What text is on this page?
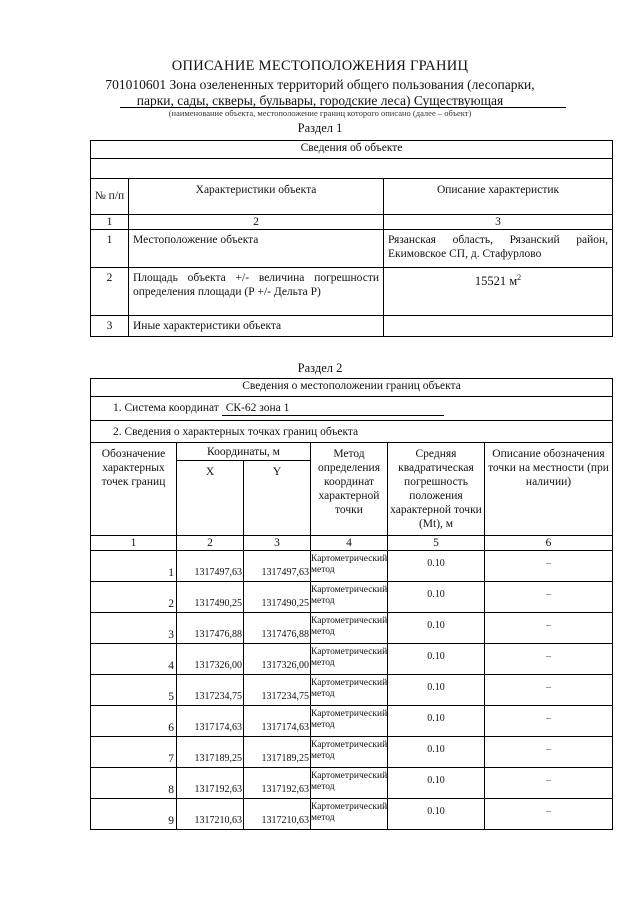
ОПИСАНИЕ МЕСТОПОЛОЖЕНИЯ ГРАНИЦ
701010601 Зона озелененных территорий общего пользования (лесопарки,
парки, сады, скверы, бульвары, городские леса) Существующая
(наименование объекта, местоположение границ которого описано (далее – объект)
Раздел 1
Сведения об объекте		

№ п/п	Характеристики объекта	Описание характеристик
1	2	3
1	Местоположение объекта	Рязанская область, Рязанский район, Екимовское СП, д. Стафурлово
2	Площадь объекта +/- величина погрешности определения площади (Р +/- Дельта Р)	15521 $м^2$
3	Иные характеристики объекта	
Раздел 2
Сведения о местоположении границ объекта					
1. Система координат СК-62 зона 1					
2. Сведения о характерных точках границ объекта					
Обозначение характерных точек границ	Координаты, м		Метод определения координат характерной точки	Средняя квадратическая погрешность положения характерной точки (Mt), м	Описание обозначения точки на местности (при наличии)
	X	Y			
1	2	3	4	5	6
1	1317497,63	1317497,63	Картометрический метод	0.10	–
2	1317490,25	1317490,25	Картометрический метод	0.10	–
3	1317476,88	1317476,88	Картометрический метод	0.10	–
4	1317326,00	1317326,00	Картометрический метод	0.10	–
5	1317234,75	1317234,75	Картометрический метод	0.10	–
6	1317174,63	1317174,63	Картометрический метод	0.10	–
7	1317189,25	1317189,25	Картометрический метод	0.10	–
8	1317192,63	1317192,63	Картометрический метод	0.10	–
9	1317210,63	1317210,63	Картометрический метод	0.10	–
